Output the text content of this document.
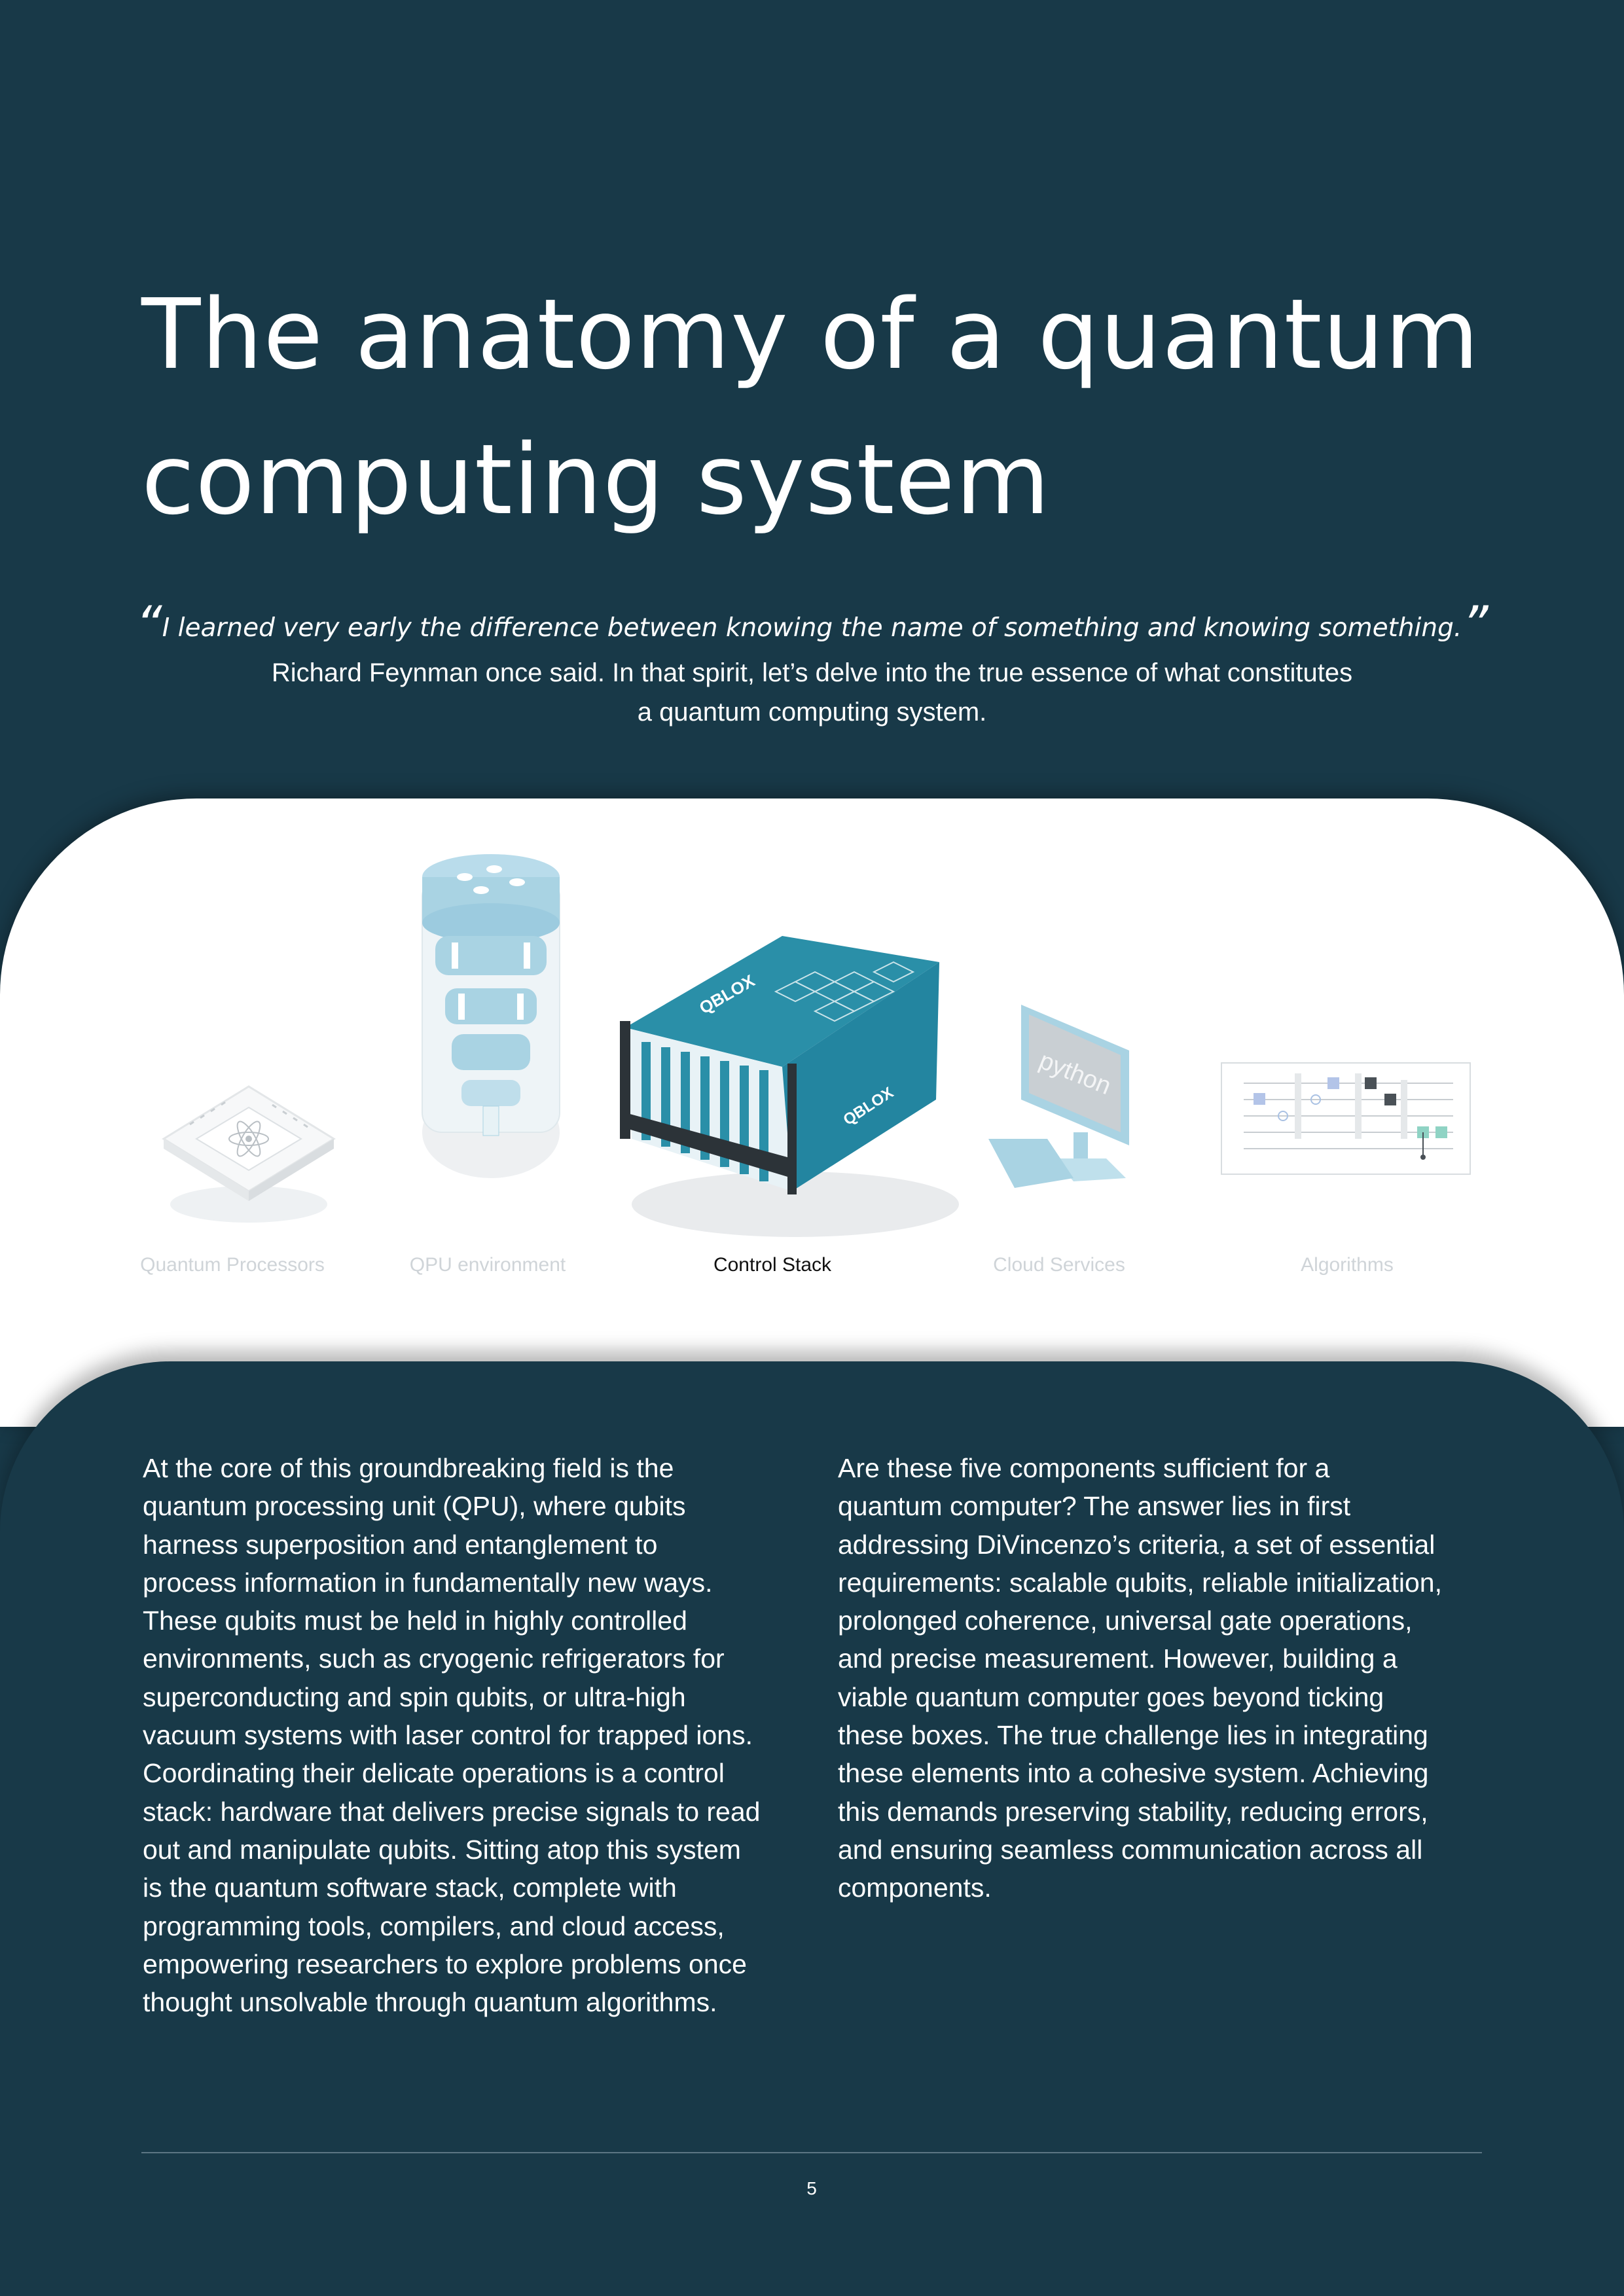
The anatomy of a quantum
computing system
“I learned very early the difference between knowing the name of something and knowing something.”
Richard Feynman once said. In that spirit, let’s delve into the true essence of what constitutes
a quantum computing system.
QBLOX
QBLOX
python
Quantum Processors	QPU environment	Control Stack	Cloud Services	Algorithms
At the core of this groundbreaking field is the
quantum processing unit (QPU), where qubits
harness superposition and entanglement to
process information in fundamentally new ways.
These qubits must be held in highly controlled
environments, such as cryogenic refrigerators for
superconducting and spin qubits, or ultra-high
vacuum systems with laser control for trapped ions.
Coordinating their delicate operations is a control
stack: hardware that delivers precise signals to read
out and manipulate qubits. Sitting atop this system
is the quantum software stack, complete with
programming tools, compilers, and cloud access,
empowering researchers to explore problems once
thought unsolvable through quantum algorithms.
Are these five components sufficient for a
quantum computer? The answer lies in first
addressing DiVincenzo’s criteria, a set of essential
requirements: scalable qubits, reliable initialization,
prolonged coherence, universal gate operations,
and precise measurement. However, building a
viable quantum computer goes beyond ticking
these boxes. The true challenge lies in integrating
these elements into a cohesive system. Achieving
this demands preserving stability, reducing errors,
and ensuring seamless communication across all
components.
5
